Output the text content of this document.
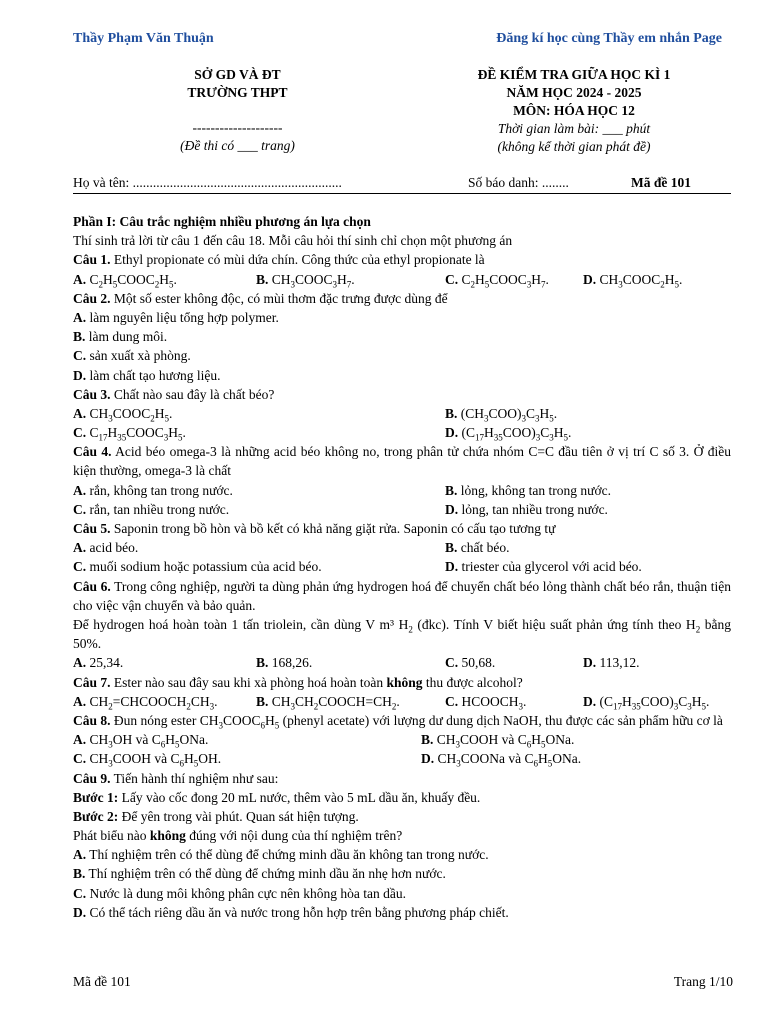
Thầy Phạm Văn Thuận	Đăng kí học cùng Thầy em nhắn Page
SỞ GD VÀ ĐT
TRƯỜNG THPT
--------------------
(Đề thi có ___ trang)
ĐỀ KIỂM TRA GIỮA HỌC KÌ 1
NĂM HỌC 2024 - 2025
MÔN: HÓA HỌC 12
Thời gian làm bài: ___ phút
(không kể thời gian phát đề)
Họ và tên: ..............................................................	Số báo danh: ........	Mã đề 101
Phần I: Câu trắc nghiệm nhiều phương án lựa chọn
Thí sinh trả lời từ câu 1 đến câu 18. Mỗi câu hỏi thí sinh chỉ chọn một phương án
Câu 1. Ethyl propionate có mùi dứa chín. Công thức của ethyl propionate là
A. $C_2H_5COOC_2H_5$.	B. $CH_3COOC_3H_7$.	C. $C_2H_5COOC_3H_7$.	D. $CH_3COOC_2H_5$.
Câu 2. Một số ester không độc, có mùi thơm đặc trưng được dùng để
A. làm nguyên liệu tổng hợp polymer.
B. làm dung môi.
C. sản xuất xà phòng.
D. làm chất tạo hương liệu.
Câu 3. Chất nào sau đây là chất béo?
A. $CH_3COOC_2H_5$.	B. $(CH_3COO)_3C_3H_5$.
C. $C_{17}H_{35}COOC_3H_5$.	D. $(C_{17}H_{35}COO)_3C_3H_5$.
Câu 4. Acid béo omega-3 là những acid béo không no, trong phân tử chứa nhóm C=C đầu tiên ở vị trí C số 3. Ở điều kiện thường, omega-3 là chất
A. rắn, không tan trong nước.	B. lỏng, không tan trong nước.
C. rắn, tan nhiều trong nước.	D. lỏng, tan nhiều trong nước.
Câu 5. Saponin trong bồ hòn và bồ kết có khả năng giặt rửa. Saponin có cấu tạo tương tự
A. acid béo.	B. chất béo.
C. muối sodium hoặc potassium của acid béo.	D. triester của glycerol với acid béo.
Câu 6. Trong công nghiệp, người ta dùng phản ứng hydrogen hoá để chuyển chất béo lỏng thành chất béo rắn, thuận tiện cho việc vận chuyển và bảo quản.
Để hydrogen hoá hoàn toàn 1 tấn triolein, cần dùng V m³ $H_2$ (đkc). Tính V biết hiệu suất phản ứng tính theo $H_2$ bằng 50%.
A. 25,34.	B. 168,26.	C. 50,68.	D. 113,12.
Câu 7. Ester nào sau đây sau khi xà phòng hoá hoàn toàn không thu được alcohol?
A. $CH_2=CHCOOCH_2CH_3$.	B. $CH_3CH_2COOCH=CH_2$.	C. $HCOOCH_3$.	D. $(C_{17}H_{35}COO)_3C_3H_5$.
Câu 8. Đun nóng ester $CH_3COOC_6H_5$ (phenyl acetate) với lượng dư dung dịch NaOH, thu được các sản phẩm hữu cơ là
A. $CH_3OH$ và $C_6H_5ONa$.	B. $CH_3COOH$ và $C_6H_5ONa$.
C. $CH_3COOH$ và $C_6H_5OH$.	D. $CH_3COONa$ và $C_6H_5ONa$.
Câu 9. Tiến hành thí nghiệm như sau:
Bước 1: Lấy vào cốc đong 20 mL nước, thêm vào 5 mL dầu ăn, khuấy đều.
Bước 2: Để yên trong vài phút. Quan sát hiện tượng.
Phát biểu nào không đúng với nội dung của thí nghiệm trên?
A. Thí nghiệm trên có thể dùng để chứng minh dầu ăn không tan trong nước.
B. Thí nghiệm trên có thể dùng để chứng minh dầu ăn nhẹ hơn nước.
C. Nước là dung môi không phân cực nên không hòa tan dầu.
D. Có thể tách riêng dầu ăn và nước trong hỗn hợp trên bằng phương pháp chiết.
Mã đề 101	Trang 1/10
